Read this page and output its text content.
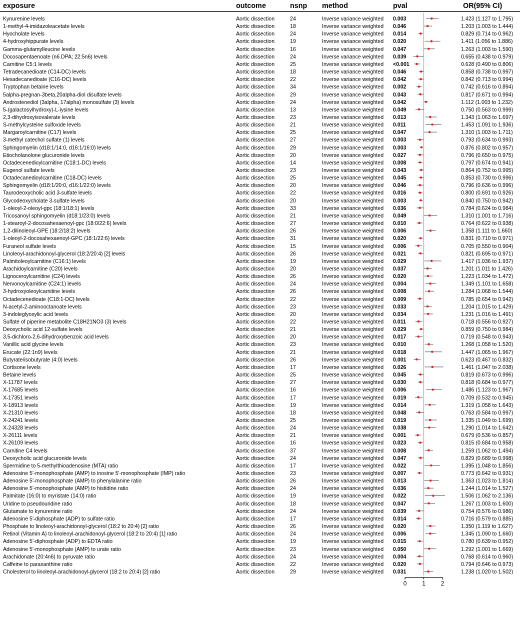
exposure	outcome	nsnp method	pval	OR(95% CI)
Kynurenine levels	Aortic dissection	24	Inverse variance weighted 0.003	1.423 (1.127 to 1.795)
1-methyl-4-imidazoleacetate levels	Aortic dissection	18	Inverse variance weighted 0.046	1.203 (1.003 to 1.444)
Hyocholate levels	Aortic dissection	24	Inverse variance weighted 0.014	0.829 (0.714 to 0.962)
4-hydroxyhippurate levels	Aortic dissection	19	Inverse variance weighted 0.020	1.411 (1.056 to 1.886)
Gamma-glutamylleucine levels	Aortic dissection	16	Inverse variance weighted 0.047	1.263 (1.003 to 1.590)
Docosapentaenoate (n6 DPA; 22:5n6) levels	Aortic dissection	24	Inverse variance weighted 0.039	0.655 (0.438 to 0.979)
Carnitine C5:1 levels	Aortic dissection	25	Inverse variance weighted <0.001	0.628 (0.490 to 0.806)
Tetradecanedioate (C14-DC) levels	Aortic dissection	18	Inverse variance weighted 0.046	0.858 (0.738 to 0.997)
Hexadecanedioate (C16-DC) levels	Aortic dissection	22	Inverse variance weighted 0.042	0.842 (0.713 to 0.994)
Tryptophan betaine levels	Aortic dissection	34	Inverse variance weighted 0.002	0.742 (0.616 to 0.894)
5alpha-pregnan-3beta,20alpha-diol disulfate levels	Aortic dissection	29	Inverse variance weighted 0.043	0.817 (0.671 to 0.994)
Androstenediol (3alpha, 17alpha) monosulfate (3) levels	Aortic dissection	24	Inverse variance weighted 0.042	1.112 (1.003 to 1.232)
5-(galactosylhydroxy)-L-lysine levels	Aortic dissection	13	Inverse variance weighted 0.049	0.750 (0.563 to 0.999)
2,3-dihydroxyisovalerate levels	Aortic dissection	23	Inverse variance weighted 0.013	1.343 (1.063 to 1.697)
S-methylcysteine sulfoxide levels	Aortic dissection	21	Inverse variance weighted 0.011	1.453 (1.091 to 1.936)
Margaroylcarnitine (C17) levels	Aortic dissection	25	Inverse variance weighted 0.047	1.310 (1.003 to 1.711)
3-methyl catechol sulfate (1) levels	Aortic dissection	27	Inverse variance weighted 0.003	0.793 (0.634 to 0.993)
Sphingomyelin (d18:1/14:0, d16:1/16:0) levels	Aortic dissection	29	Inverse variance weighted 0.003	0.876 (0.802 to 0.957)
Etiocholanolone glucuronide levels	Aortic dissection	20	Inverse variance weighted 0.027	0.796 (0.650 to 0.975)
Octadecenedioylcarnitine (C18:1-DC) levels	Aortic dissection	14	Inverse variance weighted 0.008	0.797 (0.674 to 0.941)
Eugenol sulfate levels	Aortic dissection	23	Inverse variance weighted 0.043	0.864 (0.752 to 0.995)
Octadecanedioylcarnitine (C18-DC) levels	Aortic dissection	25	Inverse variance weighted 0.045	0.853 (0.730 to 0.996)
Sphingomyelin (d18:1/20:0, d16:1/22:0) levels	Aortic dissection	20	Inverse variance weighted 0.046	0.796 (0.636 to 0.996)
Taurodeoxycholic acid 3-sulfate levels	Aortic dissection	22	Inverse variance weighted 0.016	0.800 (0.691 to 0.926)
Glycodeoxycholate 3-sulfate levels	Aortic dissection	20	Inverse variance weighted 0.003	0.840 (0.750 to 0.942)
1-oleoyl-2-oleoyl-gpc (18:1/18:1) levels	Aortic dissection	33	Inverse variance weighted 0.036	0.784 (0.624 to 0.984)
Tricosanoyl sphingomyelin (d18:1/23:0) levels	Aortic dissection	21	Inverse variance weighted 0.049	1.310 (1.001 to 1.716)
1-stearoyl-2-docosahexaenoyl-gpc (18:0/22:6) levels	Aortic dissection	27	Inverse variance weighted 0.010	0.764 (0.622 to 0.938)
1,2-dilinoleoyl-GPE (18:2/18:2) levels	Aortic dissection	26	Inverse variance weighted 0.006	1.358 (1.111 to 1.660)
1-oleoyl-2-docosahexaenoyl-GPC (18:1/22:6) levels	Aortic dissection	31	Inverse variance weighted 0.020	0.831 (0.710 to 0.971)
Furaneol sulfate levels	Aortic dissection	15	Inverse variance weighted 0.006	0.705 (0.550 to 0.904)
Linoleoyl-arachidonoyl-glycerol (18:2/20:4) [2] levels	Aortic dissection	26	Inverse variance weighted 0.021	0.821 (0.695 to 0.971)
Palmitoleoylcarnitine (C16:1) levels	Aortic dissection	19	Inverse variance weighted 0.029	1.417 (1.036 to 1.937)
Arachidoylcarnitine (C20) levels	Aortic dissection	20	Inverse variance weighted 0.037	1.201 (1.011 to 1.426)
Lignoceroylcarnitine (C24) levels	Aortic dissection	26	Inverse variance weighted 0.020	1.223 (1.034 to 1.472)
Nervonoylcarnitine (C24:1) levels	Aortic dissection	24	Inverse variance weighted 0.004	1.349 (1.101 to 1.658)
3-hydroxyoleoylcarnitine levels	Aortic dissection	26	Inverse variance weighted 0.008	1.284 (1.068 to 1.544)
Octadecenedioate (C18:1-DC) levels	Aortic dissection	22	Inverse variance weighted 0.009	0.785 (0.654 to 0.942)
N-acetyl-2-aminooctanoate levels	Aortic dissection	23	Inverse variance weighted 0.033	1.204 (1.015 to 1.429)
3-indoleglyoxylic acid levels	Aortic dissection	20	Inverse variance weighted 0.034	1.231 (1.016 to 1.491)
Sulfate of piperine metabolite C18H21NO3 (3) levels	Aortic dissection	22	Inverse variance weighted 0.011	0.718 (0.556 to 0.927)
Deoxycholic acid 12-sulfate levels	Aortic dissection	21	Inverse variance weighted 0.029	0.859 (0.750 to 0.984)
3,5-dichloro-2,6-dihydroxybenzoic acid levels	Aortic dissection	20	Inverse variance weighted 0.017	0.719 (0.548 to 0.943)
Vanillic acid glycine levels	Aortic dissection	23	Inverse variance weighted 0.010	1.268 (1.058 to 1.520)
Erucate (22:1n9) levels	Aortic dissection	21	Inverse variance weighted 0.018	1.447 (1.065 to 1.967)
Butyrate/isobutyrate (4:0) levels	Aortic dissection	26	Inverse variance weighted 0.001	0.623 (0.467 to 0.832)
Cortisone levels	Aortic dissection	17	Inverse variance weighted 0.026	1.461 (1.047 to 2.038)
Betaine levels	Aortic dissection	25	Inverse variance weighted 0.045	0.819 (0.673 to 0.996)
X-11787 levels	Aortic dissection	27	Inverse variance weighted 0.030	0.818 (0.684 to 0.977)
X-17685 levels	Aortic dissection	16	Inverse variance weighted 0.006	1.486 (1.123 to 1.967)
X-17351 levels	Aortic dissection	17	Inverse variance weighted 0.019	0.709 (0.532 to 0.945)
X-18913 levels	Aortic dissection	19	Inverse variance weighted 0.014	1.319 (1.058 to 1.643)
X-21310 levels	Aortic dissection	18	Inverse variance weighted 0.048	0.763 (0.584 to 0.997)
X-24241 levels	Aortic dissection	25	Inverse variance weighted 0.019	1.335 (1.049 to 1.699)
X-24328 levels	Aortic dissection	24	Inverse variance weighted 0.038	1.290 (1.014 to 1.642)
X-26111 levels	Aortic dissection	21	Inverse variance weighted 0.001	0.679 (0.536 to 0.857)
X-26109 levels	Aortic dissection	16	Inverse variance weighted 0.023	0.815 (0.684 to 0.958)
Carnitine C4 levels	Aortic dissection	37	Inverse variance weighted 0.008	1.259 (1.062 to 1.494)
Deoxycholic acid glucuronide levels	Aortic dissection	24	Inverse variance weighted 0.047	0.829 (0.689 to 0.998)
Spermidine to 5-methylthioadenosine (MTA) ratio	Aortic dissection	17	Inverse variance weighted 0.022	1.395 (1.048 to 1.856)
Adenosine 5'-monophosphate (AMP) to inosine 5'-monophosphate (IMP) ratio	Aortic dissection	23	Inverse variance weighted 0.007	0.773 (0.642 to 0.931)
Adenosine 5'-monophosphate (AMP) to phenylalanine ratio	Aortic dissection	26	Inverse variance weighted 0.013	1.363 (1.023 to 1.814)
Adenosine 5'-monophosphate (AMP) to histidine ratio	Aortic dissection	24	Inverse variance weighted 0.036	1.244 (1.014 to 1.527)
Palmitate (16:0) to myristate (14:0) ratio	Aortic dissection	19	Inverse variance weighted 0.022	1.506 (1.062 to 2.136)
Uridine to pseudouridine ratio	Aortic dissection	18	Inverse variance weighted 0.047	1.267 (1.003 to 1.600)
Glutamate to kynurenine ratio	Aortic dissection	24	Inverse variance weighted 0.039	0.754 (0.576 to 0.986)
Adenosine 5'-diphosphate (ADP) to sulfate ratio	Aortic dissection	17	Inverse variance weighted 0.014	0.716 (0.579 to 0.885)
Phosphate to linoleoyl-arachidonoyl-glycerol (18:2 to 20:4) [2] ratio	Aortic dissection	26	Inverse variance weighted 0.020	1.350 (1.119 to 1.627)
Retinol (Vitamin A) to linoleoyl-arachidonoyl-glycerol (18:2 to 20:4) [1] ratio	Aortic dissection	24	Inverse variance weighted 0.006	1.345 (1.090 to 1.660)
Adenosine 5'-diphosphate (ADP) to EDTA ratio	Aortic dissection	19	Inverse variance weighted 0.015	0.780 (0.639 to 0.952)
Adenosine 5'-monophosphate (AMP) to urate ratio	Aortic dissection	23	Inverse variance weighted 0.050	1.292 (1.001 to 1.669)
Arachidonate (20:4n6) to pyruvate ratio	Aortic dissection	24	Inverse variance weighted 0.004	0.768 (0.614 to 0.960)
Caffeine to paraxanthine ratio	Aortic dissection	22	Inverse variance weighted 0.020	0.794 (0.646 to 0.973)
Cholesterol to linoleoyl-arachidonoyl-glycerol (18:2 to 20:4) [2] ratio	Aortic dissection	29	Inverse variance weighted 0.031	1.238 (1.020 to 1.502)
0	1	2
